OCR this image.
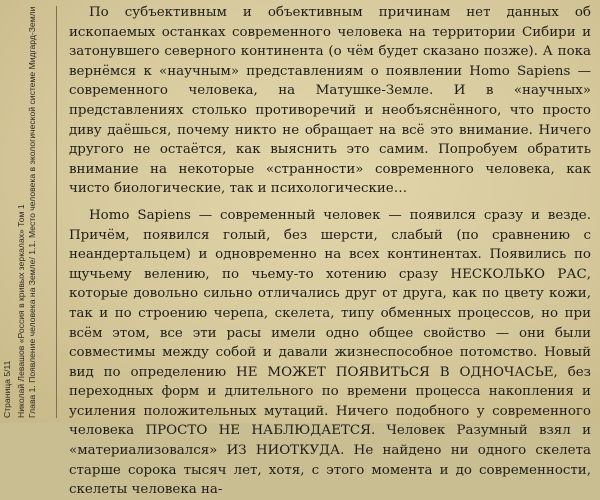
Страница 5/11 Николай Левашов «Россия в кривых зеркалах» Том 1 Глава 1. Появление человека на Земле/ 1.1. Место человека в экологической системе Мидгард-Земли	По субъективным и объективным причинам нет данных об ископаемых останках современного человека на территории Сибири и затонувшего северного континента (о чём будет сказано позже). А пока вернёмся к «научным» представлениям о появлении Homo Sapiens — современного человека, на Матушке-Земле. И в «научных» представлениях столько противоречий и необъяснённого, что просто диву даёшься, почему никто не обращает на всё это внимание. Ничего другого не остаётся, как выяснить это самим. Попробуем обратить внимание на некоторые «странности» современного человека, как чисто биологические, так и психологические…

Homo Sapiens — современный человек — появился сразу и везде. Причём, появился голый, без шерсти, слабый (по сравнению с неандертальцем) и одновременно на всех континентах. Появились по щучьему велению, по чьему-то хотению сразу НЕСКОЛЬКО РАС, которые довольно сильно отличались друг от друга, как по цвету кожи, так и по строению черепа, скелета, типу обменных процессов, но при всём этом, все эти расы имели одно общее свойство — они были совместимы между собой и давали жизнеспособное потомство. Новый вид по определению НЕ МОЖЕТ ПОЯВИТЬСЯ В ОДНОЧАСЬЕ, без переходных форм и длительного по времени процесса накопления и усиления положительных мутаций. Ничего подобного у современного человека ПРОСТО НЕ НАБЛЮДАЕТСЯ. Человек Разумный взял и «материализовался» ИЗ НИОТКУДА. Не найдено ни одного скелета старше сорока тысяч лет, хотя, с этого момента и до современности, скелеты человека на-
